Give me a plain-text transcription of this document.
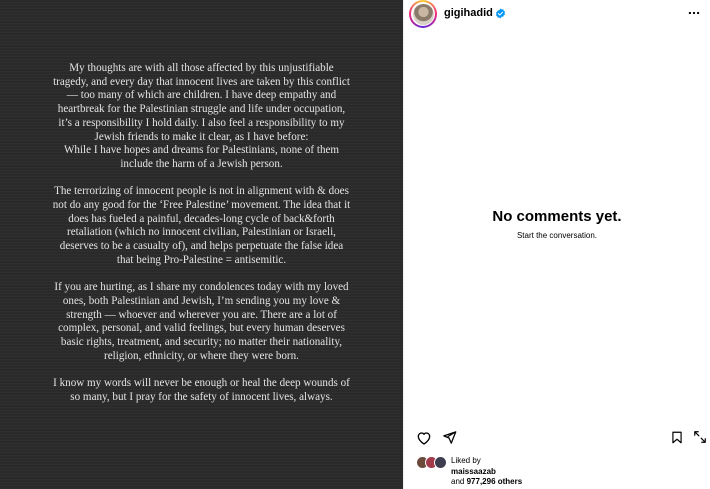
My thoughts are with all those affected by this unjustifiable
tragedy, and every day that innocent lives are taken by this conflict
— too many of which are children. I have deep empathy and
heartbreak for the Palestinian struggle and life under occupation,
it’s a responsibility I hold daily. I also feel a responsibility to my
Jewish friends to make it clear, as I have before:
While I have hopes and dreams for Palestinians, none of them
include the harm of a Jewish person.

The terrorizing of innocent people is not in alignment with & does
not do any good for the ‘Free Palestine’ movement. The idea that it
does has fueled a painful, decades-long cycle of back&forth
retaliation (which no innocent civilian, Palestinian or Israeli,
deserves to be a casualty of), and helps perpetuate the false idea
that being Pro-Palestine = antisemitic.

If you are hurting, as I share my condolences today with my loved
ones, both Palestinian and Jewish, I’m sending you my love &
strength — whoever and wherever you are. There are a lot of
complex, personal, and valid feelings, but every human deserves
basic rights, treatment, and security; no matter their nationality,
religion, ethnicity, or where they were born.

I know my words will never be enough or heal the deep wounds of
so many, but I pray for the safety of innocent lives, always.

gigihadid
No comments yet.
Start the conversation.
Liked by
maissaazab
and 977,296 others
